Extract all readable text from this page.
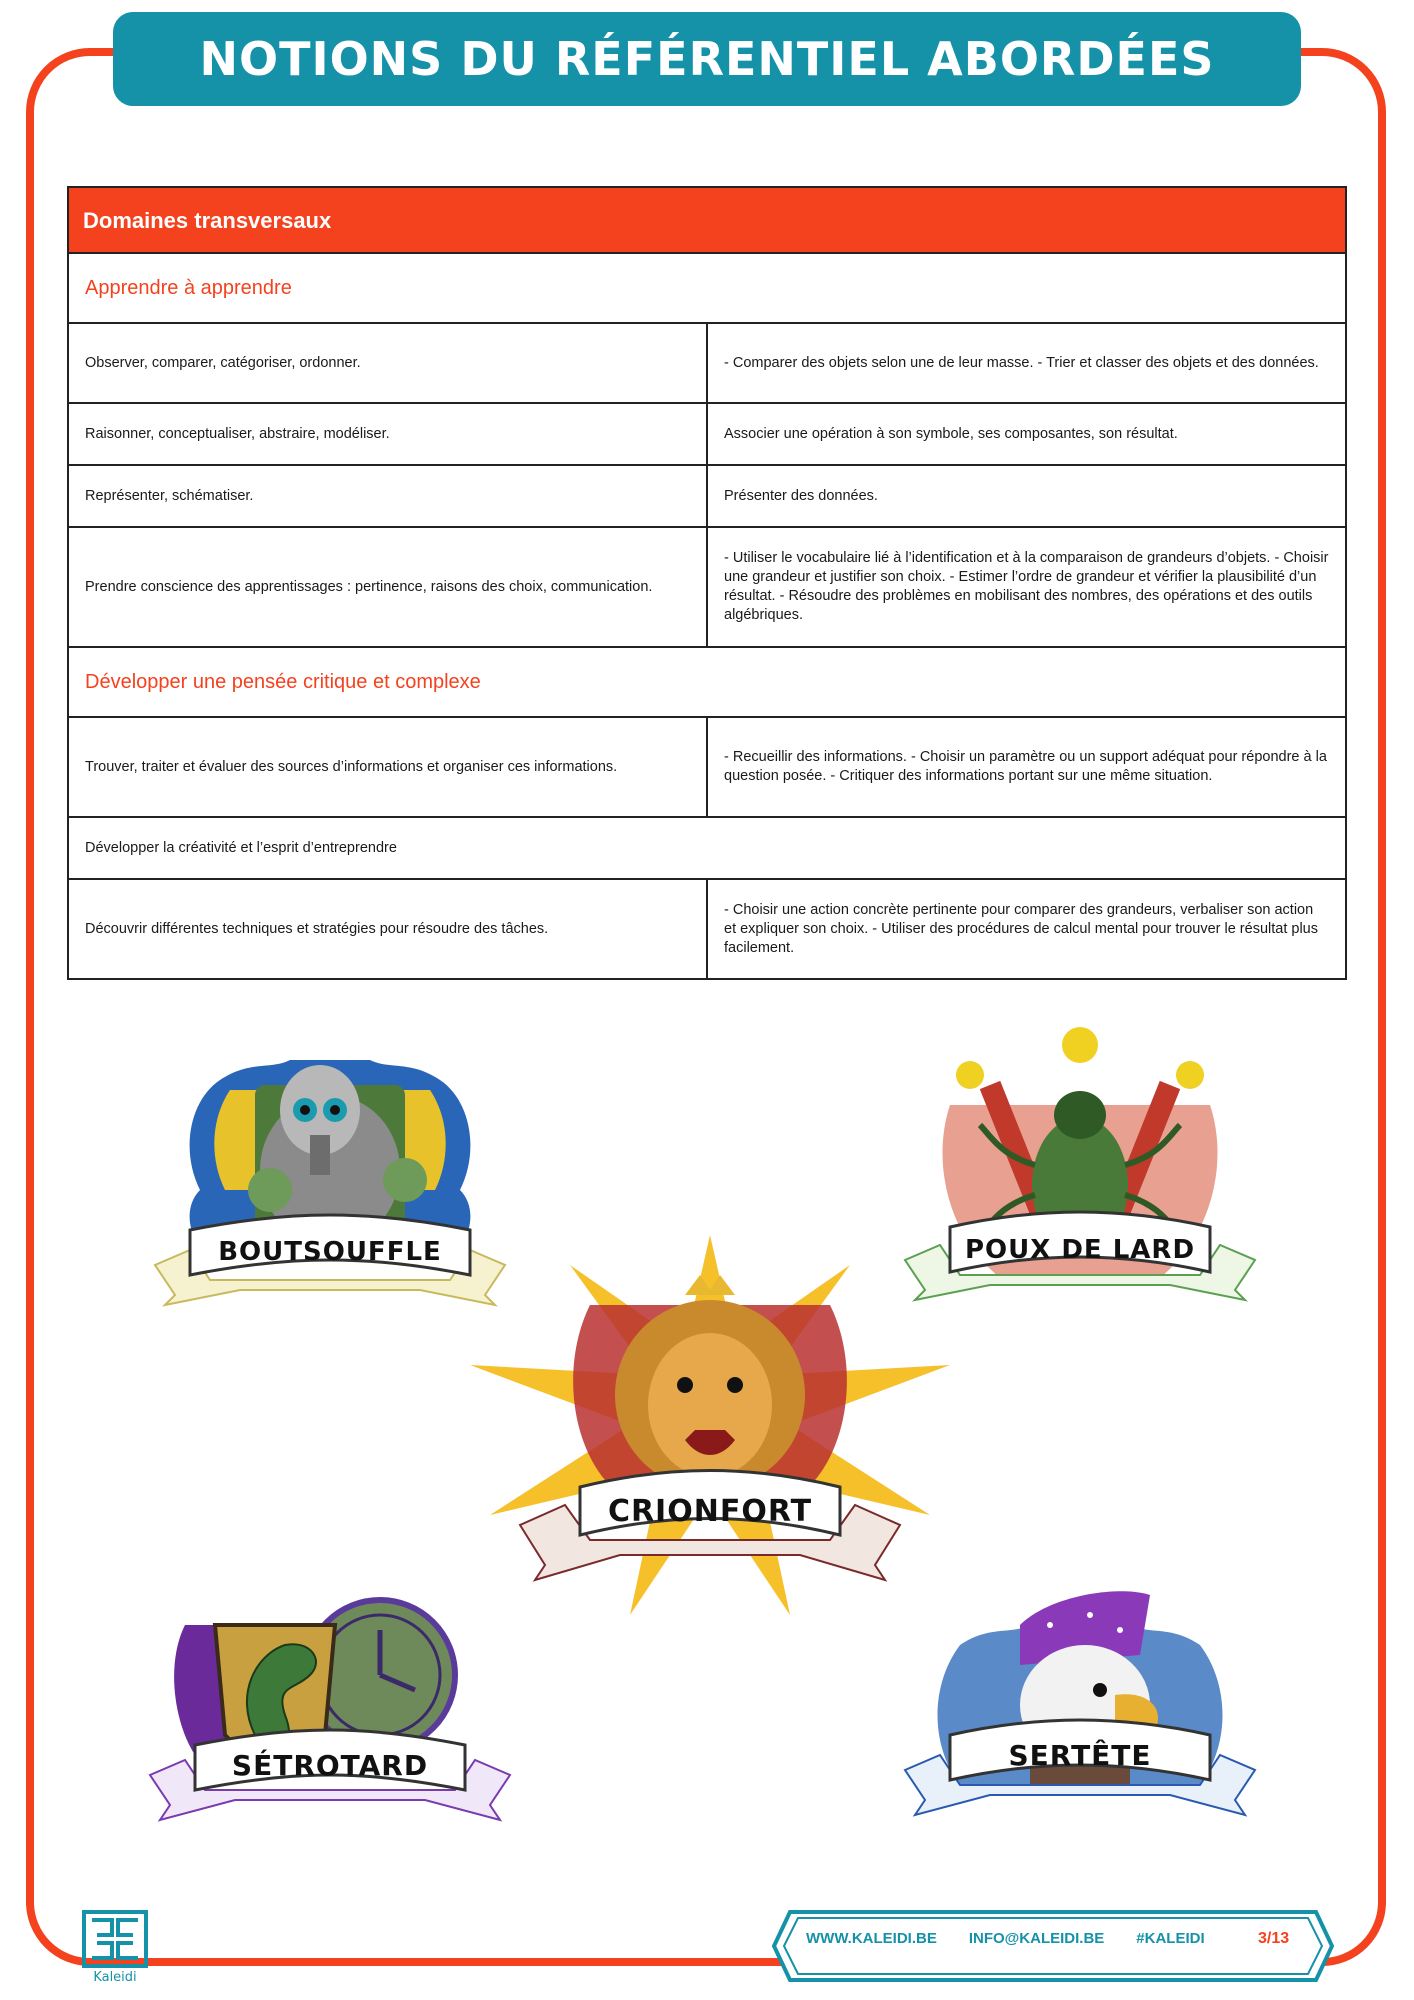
NOTIONS DU RÉFÉRENTIEL ABORDÉES
Domaines transversaux	
Apprendre à apprendre	
Observer, comparer, catégoriser, ordonner.	- Comparer des objets selon une de leur masse. - Trier et classer des objets et des données.
Raisonner, conceptualiser, abstraire, modéliser.	Associer une opération à son symbole, ses composantes, son résultat.
Représenter, schématiser.	Présenter des données.
Prendre conscience des apprentissages : pertinence, raisons des choix, communication.	- Utiliser le vocabulaire lié à l’identification et à la comparaison de grandeurs d’objets. - Choisir une grandeur et justifier son choix. - Estimer l’ordre de grandeur et vérifier la plausibilité d’un résultat. - Résoudre des problèmes en mobilisant des nombres, des opérations et des outils algébriques.
Développer une pensée critique et complexe	
Trouver, traiter et évaluer des sources d’informations et organiser ces informations.	- Recueillir des informations. - Choisir un paramètre ou un support adéquat pour répondre à la question posée. - Critiquer des informations portant sur une même situation.
Développer la créativité et l’esprit d’entreprendre	
Découvrir différentes techniques et stratégies pour résoudre des tâches.	- Choisir une action concrète pertinente pour comparer des grandeurs, verbaliser son action et expliquer son choix. - Utiliser des procédures de calcul mental pour trouver le résultat plus facilement.
BOUTSOUFFLE	POUX DE LARD
CRIONFORT
SÉTROTARD	SERTÊTE
Kaleidi
WWW.KALEIDI.BE INFO@KALEIDI.BE #KALEIDI	3/13
